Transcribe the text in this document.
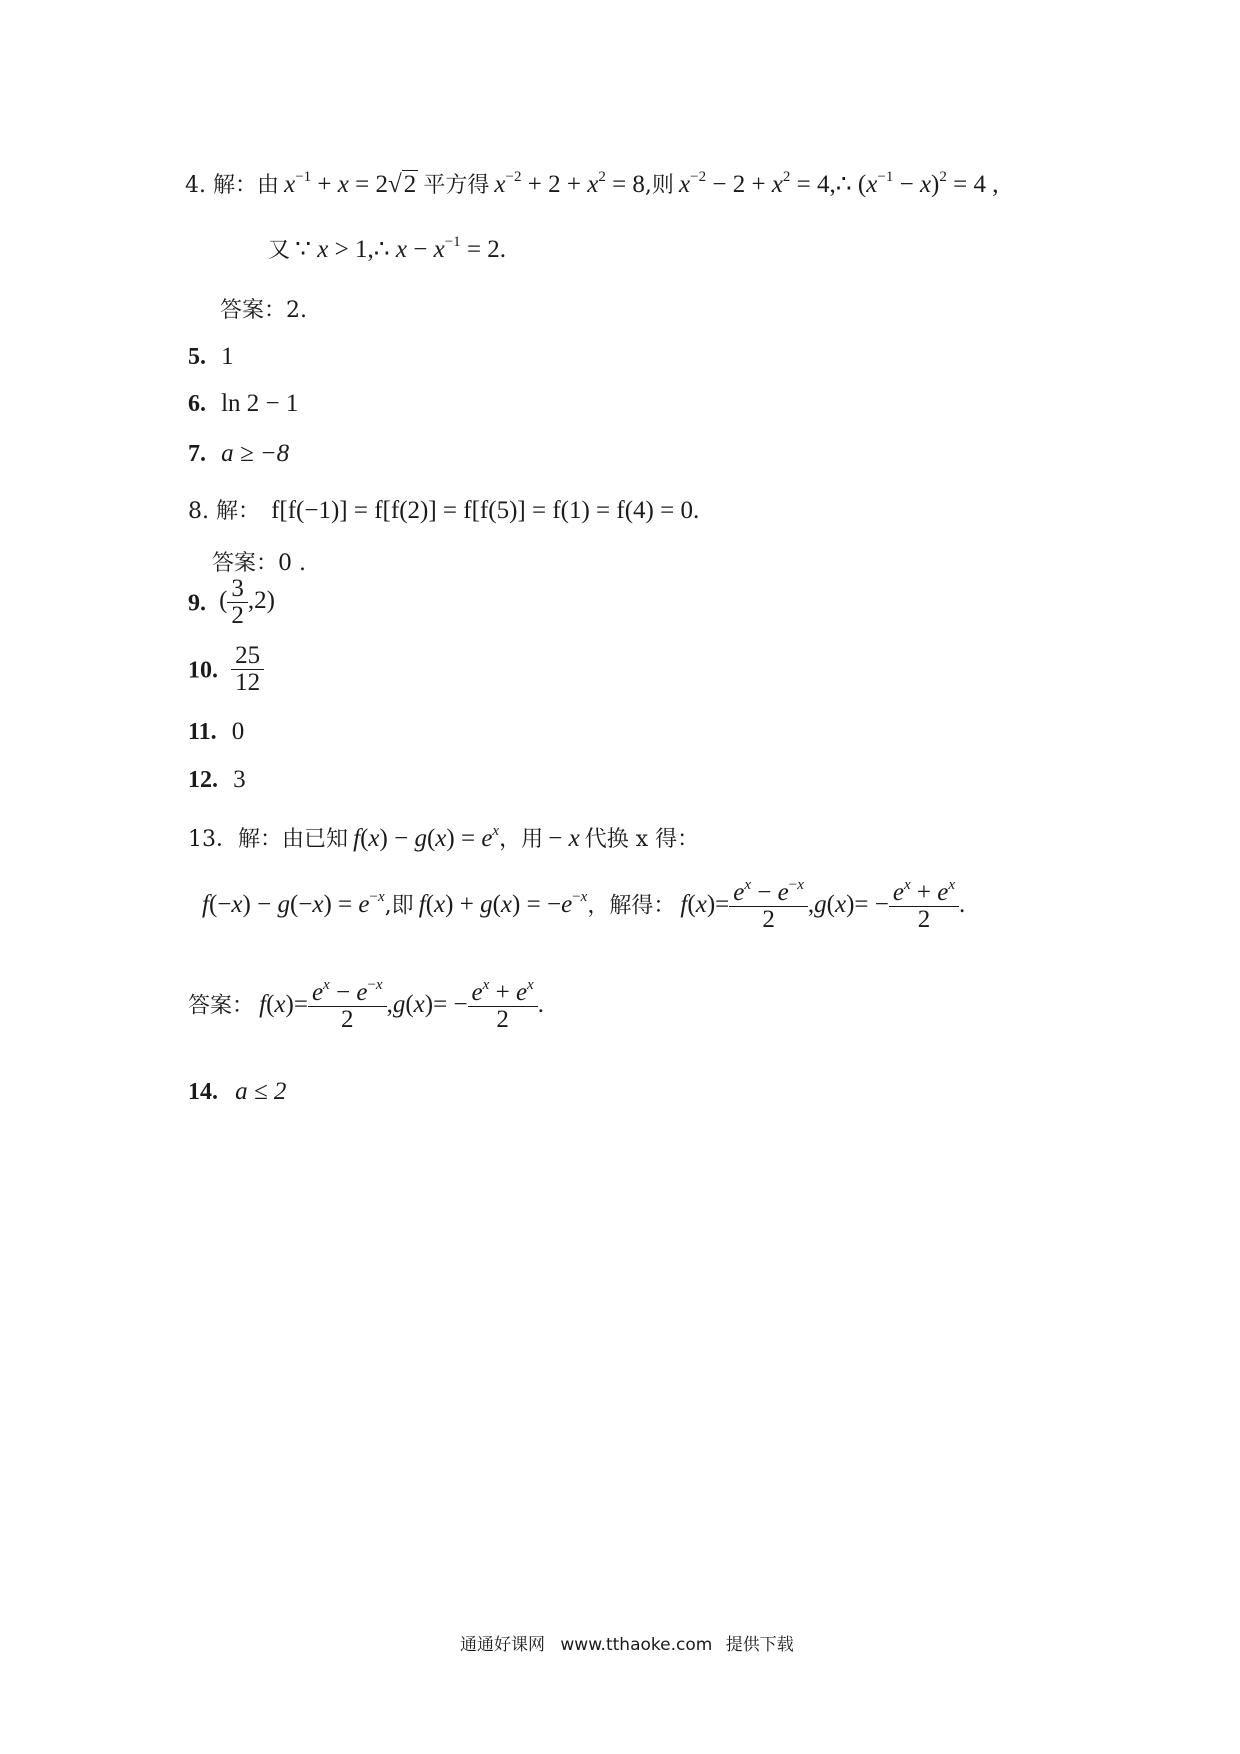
4. 解：由 $x^{-1} + x = 2√2$ 平方得 $x^{-2} + 2 + x^2 = 8$,则 $x^{-2} - 2 + x^2$ = 4,∴ $(x^{-1} - x)^2 = 4$ ,
又 ∵ x > 1,∴ $x - x^{-1} = 2$.
答案：2.
5. 1
6. ln 2 − 1
7. a ≥ −8
8. 解： f[f(−1)] = f[f(2)] = f[f(5)] = f(1) = f(4) = 0.
答案：0 .
9. ( $\frac{3}{2} ,2$)
10. $\frac{25}{12}$
11. 0
12. 3
13．解：由已知 $f(x) - g(x) = e^x$，用 − x 代换 x 得：
$f(-x) - g(-x) = e^{-x}$,即 $f(x) + g(x) = -e^{-x}$，解得： $f(x)= \frac{e^x - e^{-x}}{2} ,g(x)= - \frac{e^x + e^x}{2}$ .
答案： $f(x)= \frac{e^x - e^{-x}}{2} ,g(x)= - \frac{e^x + e^x}{2}$ .
14. a ≤ 2
通通好课网 www.tthaoke.com 提供下载
